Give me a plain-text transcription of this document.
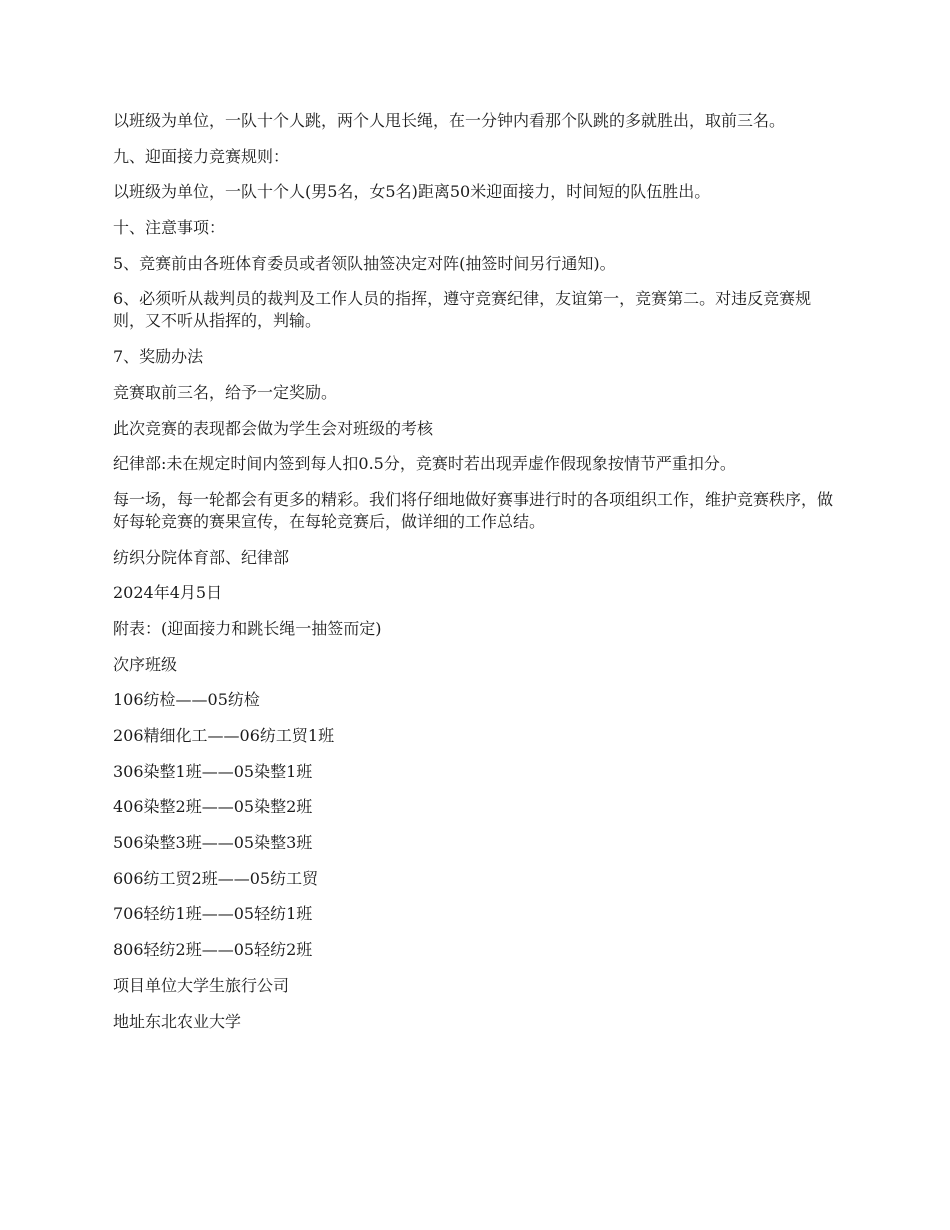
以班级为单位，一队十个人跳，两个人甩长绳，在一分钟内看那个队跳的多就胜出，取前三名。

九、迎面接力竞赛规则：

以班级为单位，一队十个人(男5名，女5名)距离50米迎面接力，时间短的队伍胜出。

十、注意事项：

5、竞赛前由各班体育委员或者领队抽签决定对阵(抽签时间另行通知)。

6、必须听从裁判员的裁判及工作人员的指挥，遵守竞赛纪律，友谊第一，竞赛第二。对违反竞赛规则，又不听从指挥的，判输。

7、奖励办法

竞赛取前三名，给予一定奖励。

此次竞赛的表现都会做为学生会对班级的考核

纪律部:未在规定时间内签到每人扣0.5分，竞赛时若出现弄虚作假现象按情节严重扣分。

每一场，每一轮都会有更多的精彩。我们将仔细地做好赛事进行时的各项组织工作，维护竞赛秩序，做好每轮竞赛的赛果宣传，在每轮竞赛后，做详细的工作总结。

纺织分院体育部、纪律部

2024年4月5日

附表：(迎面接力和跳长绳一抽签而定)

次序班级

106纺检——05纺检

206精细化工——06纺工贸1班

306染整1班——05染整1班

406染整2班——05染整2班

506染整3班——05染整3班

606纺工贸2班——05纺工贸

706轻纺1班——05轻纺1班

806轻纺2班——05轻纺2班

项目单位大学生旅行公司

地址东北农业大学
